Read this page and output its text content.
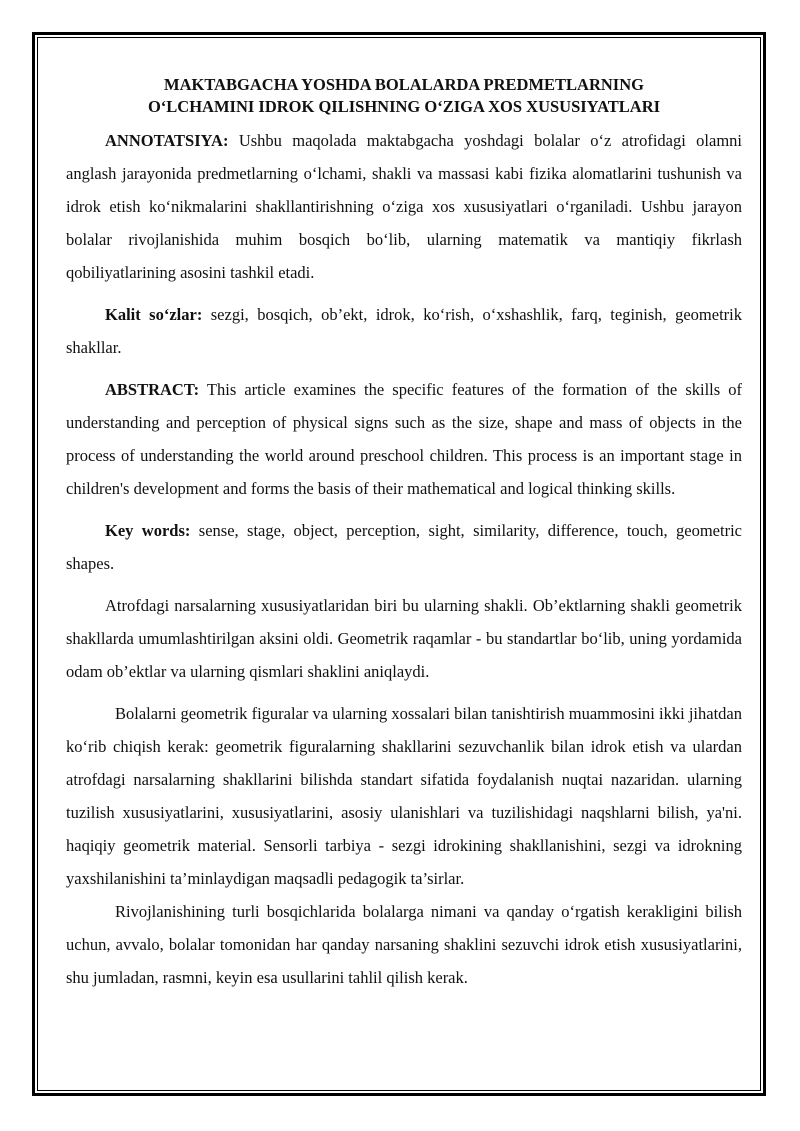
MAKTABGACHA YOSHDA BOLALARDA PREDMETLARNING
O‘LCHAMINI IDROK QILISHNING O‘ZIGA XOS XUSUSIYATLARI

ANNOTATSIYA: Ushbu maqolada maktabgacha yoshdagi bolalar o‘z atrofidagi olamni anglash jarayonida predmetlarning o‘lchami, shakli va massasi kabi fizika alomatlarini tushunish va idrok etish ko‘nikmalarini shakllantirishning o‘ziga xos xususiyatlari o‘rganiladi. Ushbu jarayon bolalar rivojlanishida muhim bosqich bo‘lib, ularning matematik va mantiqiy fikrlash qobiliyatlarining asosini tashkil etadi.

Kalit so‘zlar: sezgi, bosqich, ob’ekt, idrok, ko‘rish, o‘xshashlik, farq, teginish, geometrik shakllar.

ABSTRACT: This article examines the specific features of the formation of the skills of understanding and perception of physical signs such as the size, shape and mass of objects in the process of understanding the world around preschool children. This process is an important stage in children's development and forms the basis of their mathematical and logical thinking skills.

Key words: sense, stage, object, perception, sight, similarity, difference, touch, geometric shapes.

Atrofdagi narsalarning xususiyatlaridan biri bu ularning shakli. Ob’ektlarning shakli geometrik shakllarda umumlashtirilgan aksini oldi. Geometrik raqamlar - bu standartlar bo‘lib, uning yordamida odam ob’ektlar va ularning qismlari shaklini aniqlaydi.

Bolalarni geometrik figuralar va ularning xossalari bilan tanishtirish muammosini ikki jihatdan ko‘rib chiqish kerak: geometrik figuralarning shakllarini sezuvchanlik bilan idrok etish va ulardan atrofdagi narsalarning shakllarini bilishda standart sifatida foydalanish nuqtai nazaridan. ularning tuzilish xususiyatlarini, xususiyatlarini, asosiy ulanishlari va tuzilishidagi naqshlarni bilish, ya'ni. haqiqiy geometrik material. Sensorli tarbiya - sezgi idrokining shakllanishini, sezgi va idrokning yaxshilanishini ta’minlaydigan maqsadli pedagogik ta’sirlar.

Rivojlanishining turli bosqichlarida bolalarga nimani va qanday o‘rgatish kerakligini bilish uchun, avvalo, bolalar tomonidan har qanday narsaning shaklini sezuvchi idrok etish xususiyatlarini, shu jumladan, rasmni, keyin esa usullarini tahlil qilish kerak.
